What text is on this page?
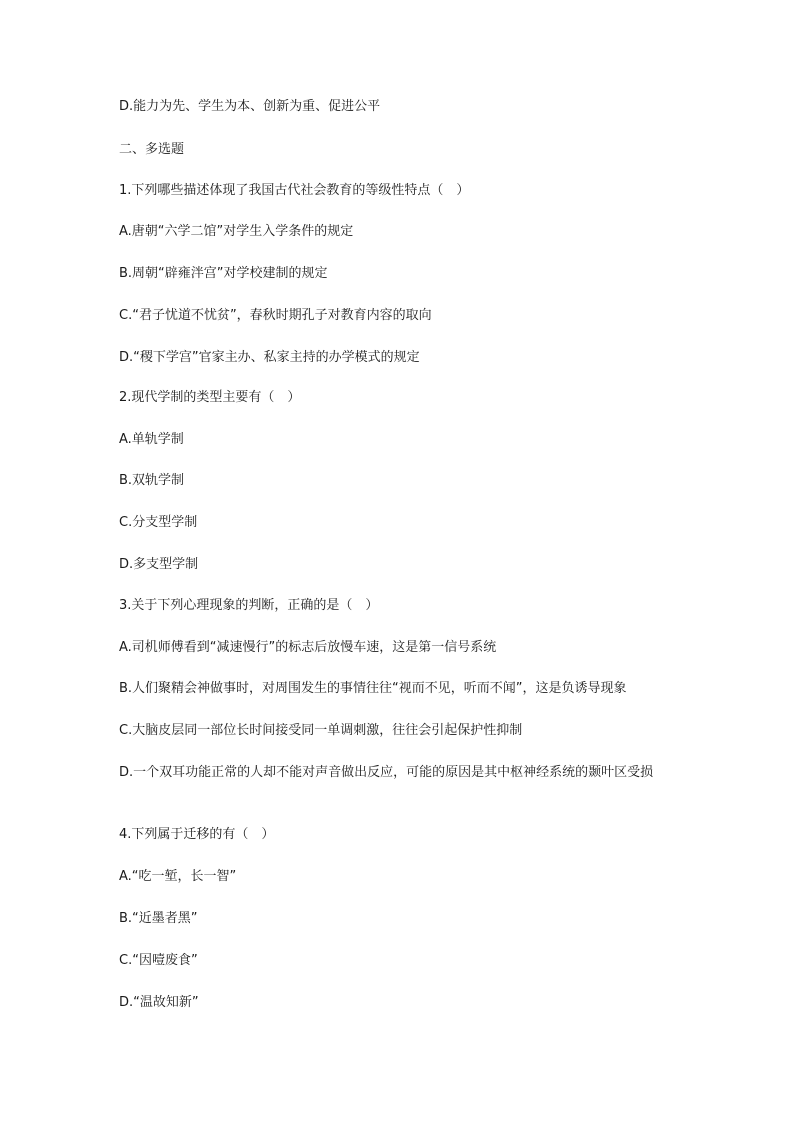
D.能力为先、学生为本、创新为重、促进公平
二、多选题
1.下列哪些描述体现了我国古代社会教育的等级性特点（　）
A.唐朝“六学二馆”对学生入学条件的规定
B.周朝“辟雍泮宫”对学校建制的规定
C.“君子忧道不忧贫”，春秋时期孔子对教育内容的取向
D.“稷下学宫”官家主办、私家主持的办学模式的规定
2.现代学制的类型主要有（　）
A.单轨学制
B.双轨学制
C.分支型学制
D.多支型学制
3.关于下列心理现象的判断，正确的是（　）
A.司机师傅看到“减速慢行”的标志后放慢车速，这是第一信号系统
B.人们聚精会神做事时，对周围发生的事情往往“视而不见，听而不闻”，这是负诱导现象
C.大脑皮层同一部位长时间接受同一单调刺激，往往会引起保护性抑制
D.一个双耳功能正常的人却不能对声音做出反应，可能的原因是其中枢神经系统的颞叶区受损
4.下列属于迁移的有（　）
A.“吃一堑，长一智”
B.“近墨者黑”
C.“因噎废食”
D.“温故知新”
